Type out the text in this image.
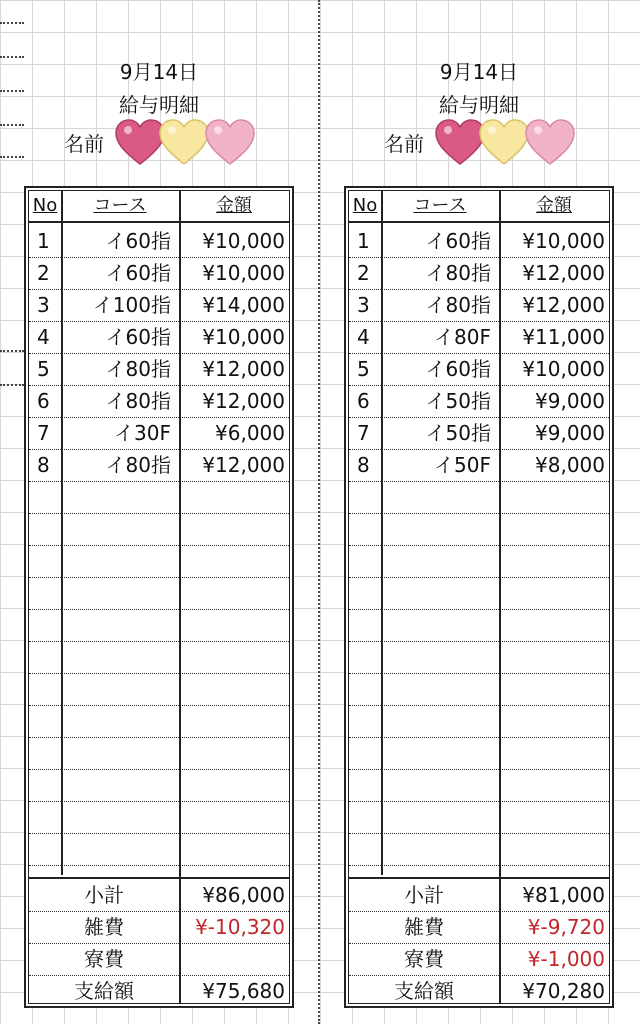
9月14日
給与明細
名前
No	コース	金額
1	イ60指	¥10,000
2	イ60指	¥10,000
3	イ100指	¥14,000
4	イ60指	¥10,000
5	イ80指	¥12,000
6	イ80指	¥12,000
7	イ30F	¥6,000
8	イ80指	¥12,000
小計	¥86,000
雑費	¥-10,320
寮費
支給額	¥75,680
9月14日
給与明細
名前
No	コース	金額
1	イ60指	¥10,000
2	イ80指	¥12,000
3	イ80指	¥12,000
4	イ80F	¥11,000
5	イ60指	¥10,000
6	イ50指	¥9,000
7	イ50指	¥9,000
8	イ50F	¥8,000
小計	¥81,000
雑費	¥-9,720
寮費	¥-1,000
支給額	¥70,280
